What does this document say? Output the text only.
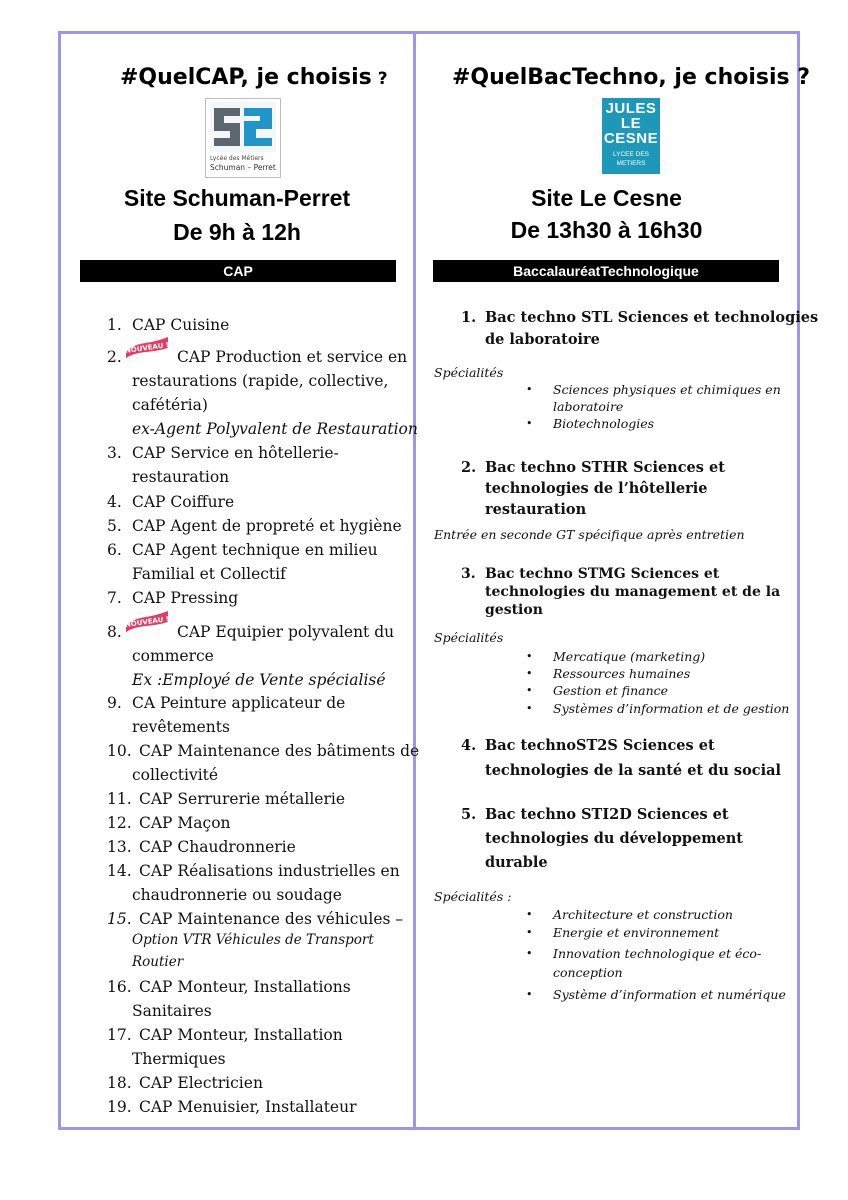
#QuelCAP, je choisis ?
Lycée des Métiers
Schuman – Perret
Site Schuman-Perret
De 9h à 12h
CAP
1. CAP Cuisine
2. NOUVEAU ! CAP Production et service en
restaurations (rapide, collective,
cafétéria)
ex-Agent Polyvalent de Restauration
3. CAP Service en hôtellerie-
restauration
4. CAP Coiffure
5. CAP Agent de propreté et hygiène
6. CAP Agent technique en milieu
Familial et Collectif
7. CAP Pressing
8.
NOUVEAU !
CAP Equipier polyvalent du
commerce
Ex :Employé de Vente spécialisé
9. CA Peinture applicateur de
revêtements
10. CAP Maintenance des bâtiments de
collectivité
11. CAP Serrurerie métallerie
12. CAP Maçon
13. CAP Chaudronnerie
14. CAP Réalisations industrielles en
chaudronnerie ou soudage
15. CAP Maintenance des véhicules –
Option VTR Véhicules de Transport
Routier
16. CAP Monteur, Installations
Sanitaires
17. CAP Monteur, Installation
Thermiques
18. CAP Electricien
19. CAP Menuisier, Installateur
#QuelBacTechno, je choisis ?
JULES
LE
CESNE
LYCEE DES METIERS
Site Le Cesne
De 13h30 à 16h30
BaccalauréatTechnologique
1. Bac techno STL Sciences et technologies
de laboratoire
Spécialités
• Sciences physiques et chimiques en
laboratoire
• Biotechnologies
2. Bac techno STHR Sciences et
technologies de l’hôtellerie
restauration
Entrée en seconde GT spécifique après entretien
3. Bac techno STMG Sciences et
technologies du management et de la
gestion
Spécialités
• Mercatique (marketing)
• Ressources humaines
• Gestion et finance
• Systèmes d’information et de gestion
4. Bac technoST2S Sciences et
technologies de la santé et du social
5. Bac techno STI2D Sciences et
technologies du développement
durable
Spécialités :
• Architecture et construction
• Energie et environnement
• Innovation technologique et éco-
conception
• Système d’information et numérique
